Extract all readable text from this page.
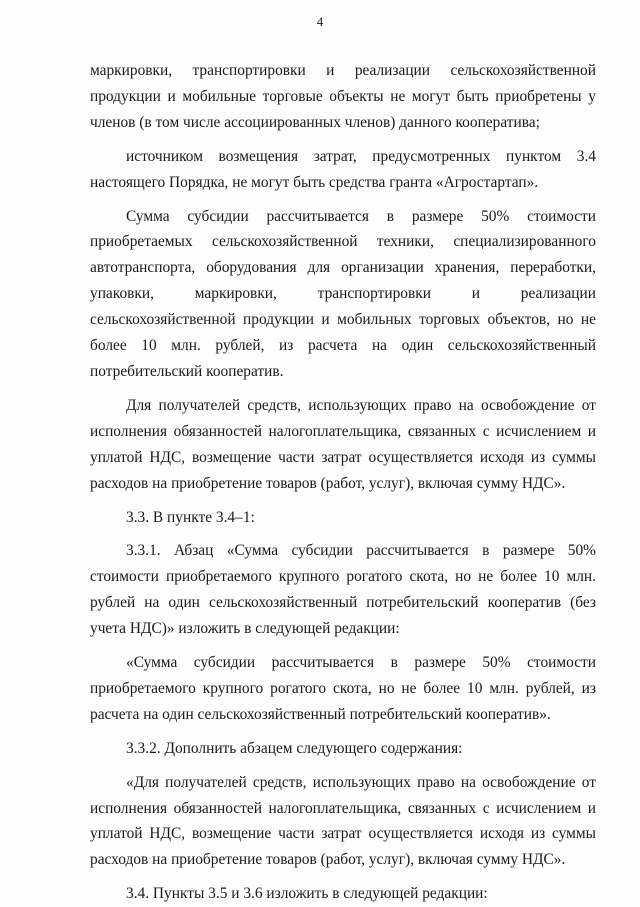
4

маркировки, транспортировки и реализации сельскохозяйственной продукции и мобильные торговые объекты не могут быть приобретены у членов (в том числе ассоциированных членов) данного кооператива;

источником возмещения затрат, предусмотренных пунктом 3.4 настоящего Порядка, не могут быть средства гранта «Агростартап».

Сумма субсидии рассчитывается в размере 50% стоимости приобретаемых сельскохозяйственной техники, специализированного автотранспорта, оборудования для организации хранения, переработки, упаковки, маркировки, транспортировки и реализации сельскохозяйственной продукции и мобильных торговых объектов, но не более 10 млн. рублей, из расчета на один сельскохозяйственный потребительский кооператив.

Для получателей средств, использующих право на освобождение от исполнения обязанностей налогоплательщика, связанных с исчислением и уплатой НДС, возмещение части затрат осуществляется исходя из суммы расходов на приобретение товаров (работ, услуг), включая сумму НДС».

3.3. В пункте 3.4–1:

3.3.1. Абзац «Сумма субсидии рассчитывается в размере 50% стоимости приобретаемого крупного рогатого скота, но не более 10 млн. рублей на один сельскохозяйственный потребительский кооператив (без учета НДС)» изложить в следующей редакции:

«Сумма субсидии рассчитывается в размере 50% стоимости приобретаемого крупного рогатого скота, но не более 10 млн. рублей, из расчета на один сельскохозяйственный потребительский кооператив».

3.3.2. Дополнить абзацем следующего содержания:

«Для получателей средств, использующих право на освобождение от исполнения обязанностей налогоплательщика, связанных с исчислением и уплатой НДС, возмещение части затрат осуществляется исходя из суммы расходов на приобретение товаров (работ, услуг), включая сумму НДС».

3.4. Пункты 3.5 и 3.6 изложить в следующей редакции:
